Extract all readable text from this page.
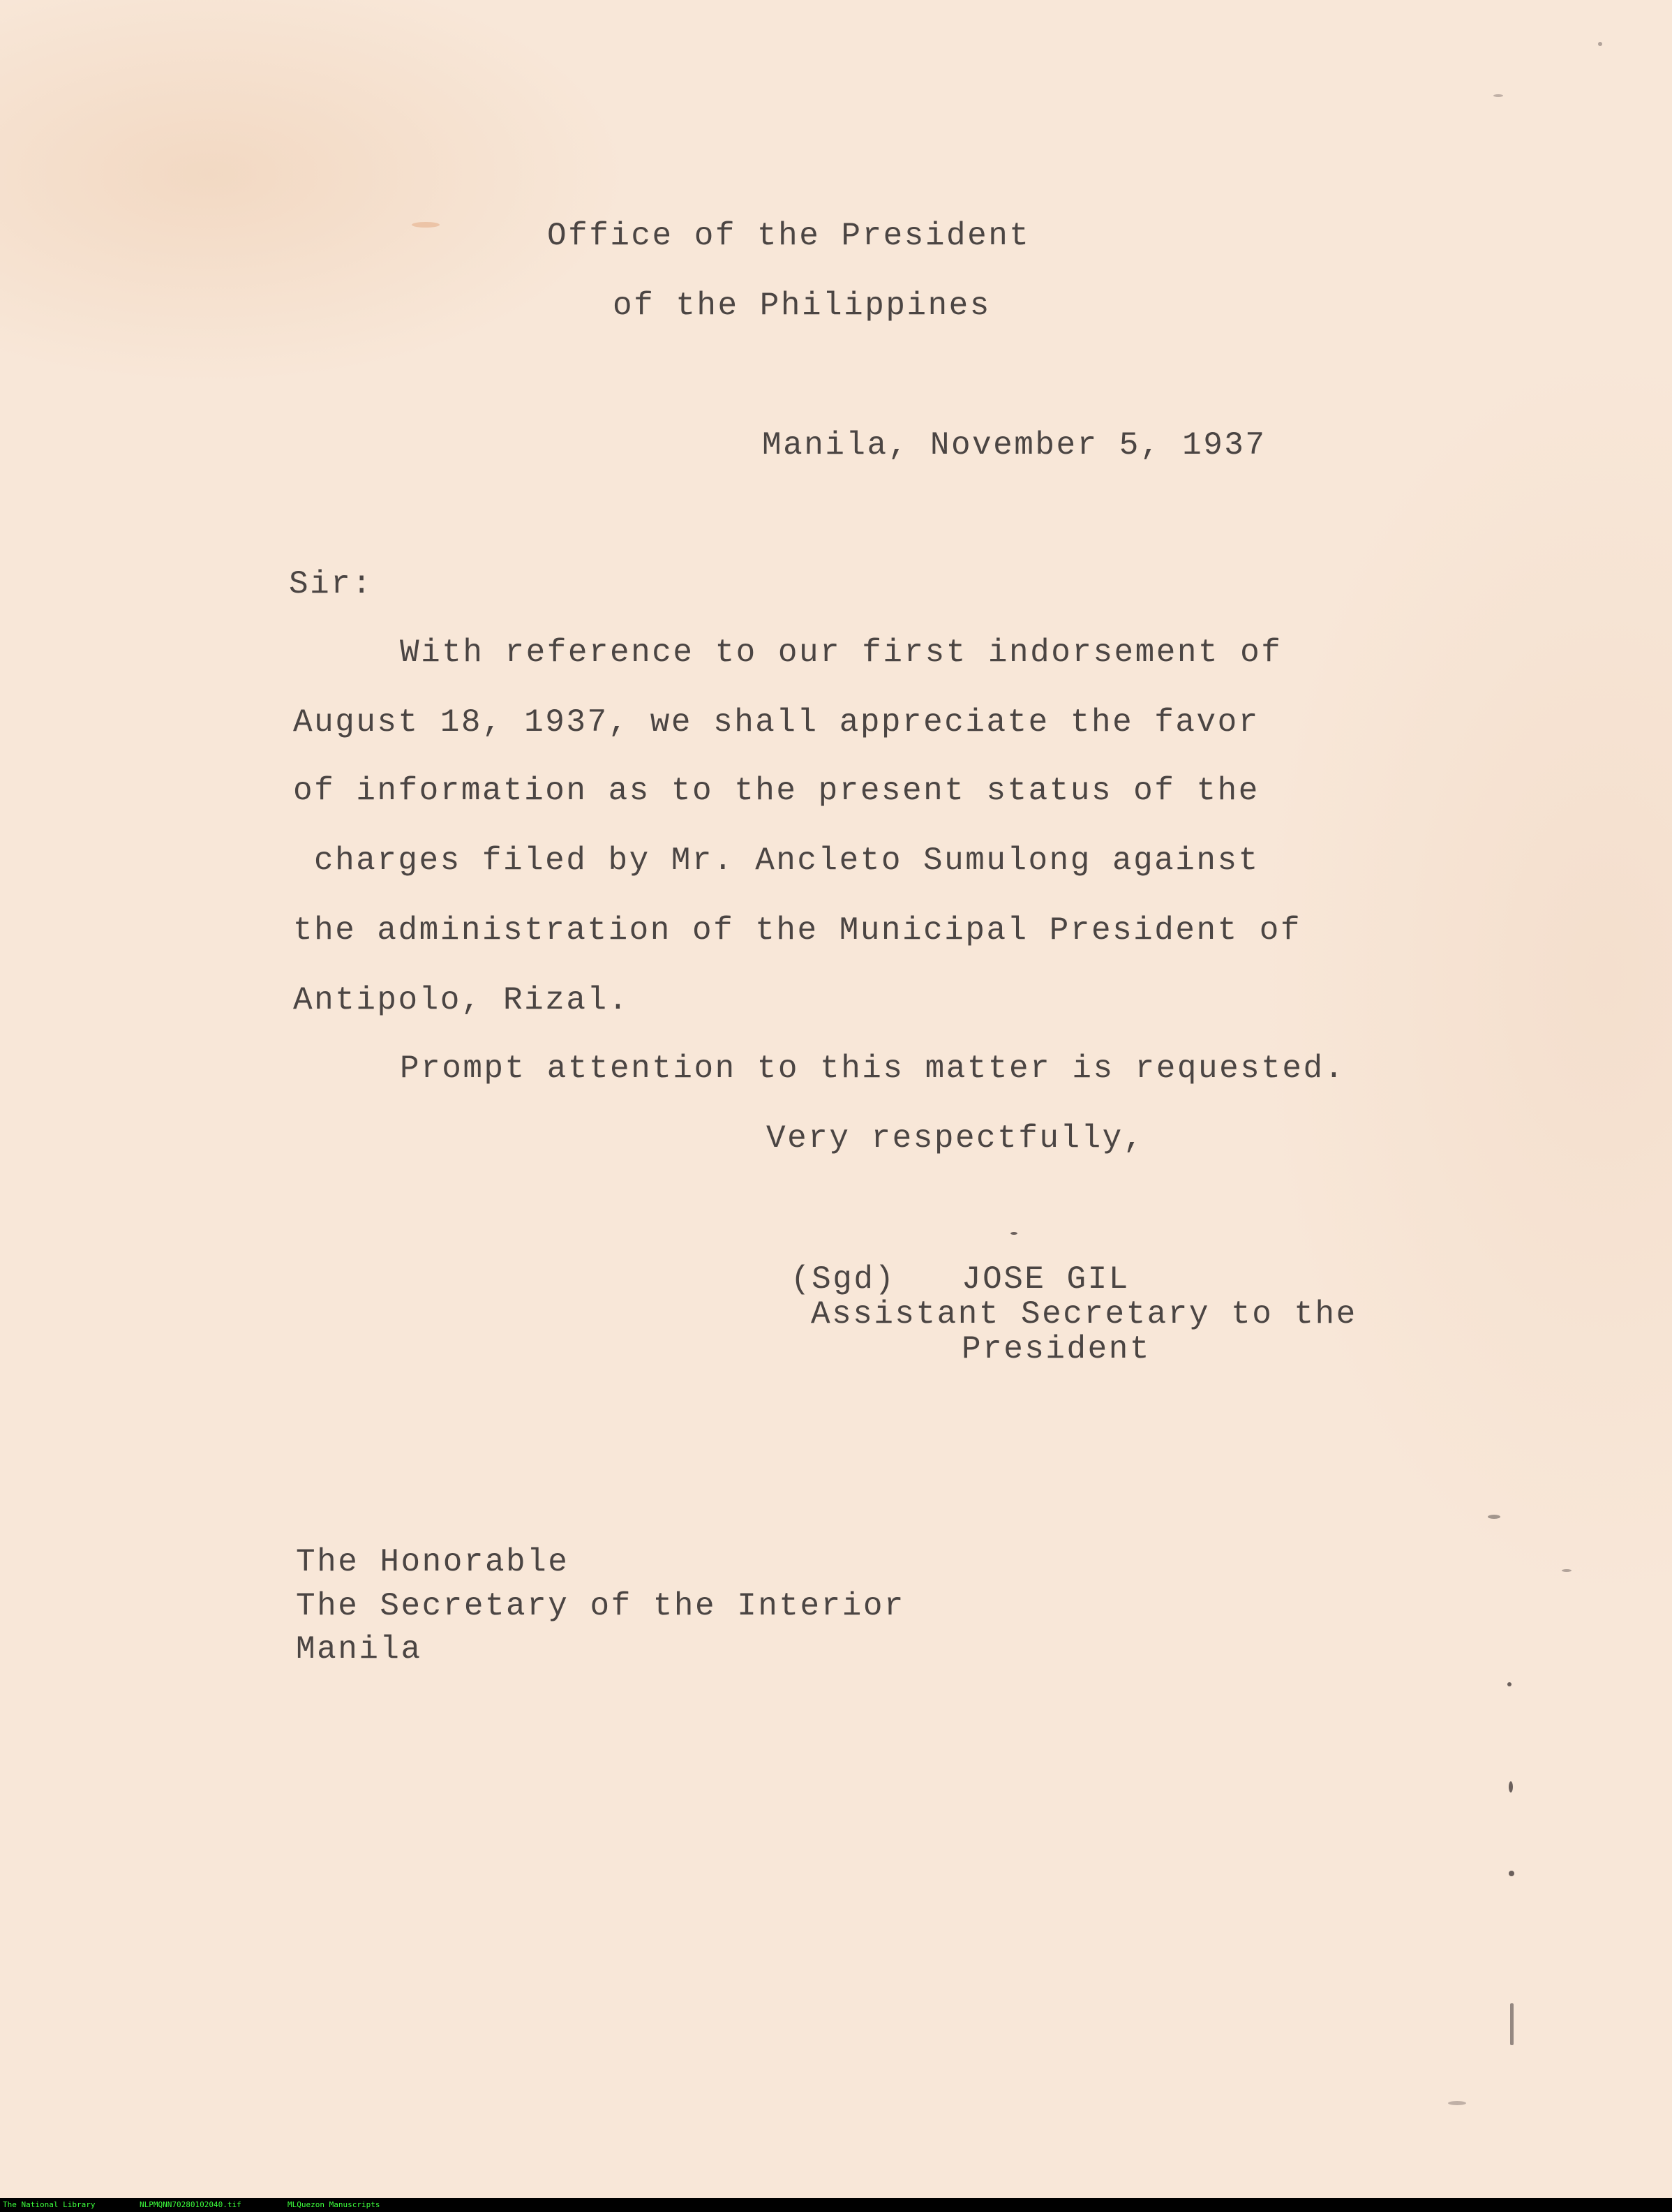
Office of the President
of the Philippines
Manila, November 5, 1937
Sir:
With reference to our first indorsement of
August 18, 1937, we shall appreciate the favor
of information as to the present status of the
charges filed by Mr. Ancleto Sumulong against
the administration of the Municipal President of
Antipolo, Rizal.
Prompt attention to this matter is requested.
Very respectfully,
(Sgd) JOSE GIL
Assistant Secretary to the
President
The Honorable
The Secretary of the Interior
Manila
The National Library	NLPMQNN70280102040.tif	MLQuezon Manuscripts
